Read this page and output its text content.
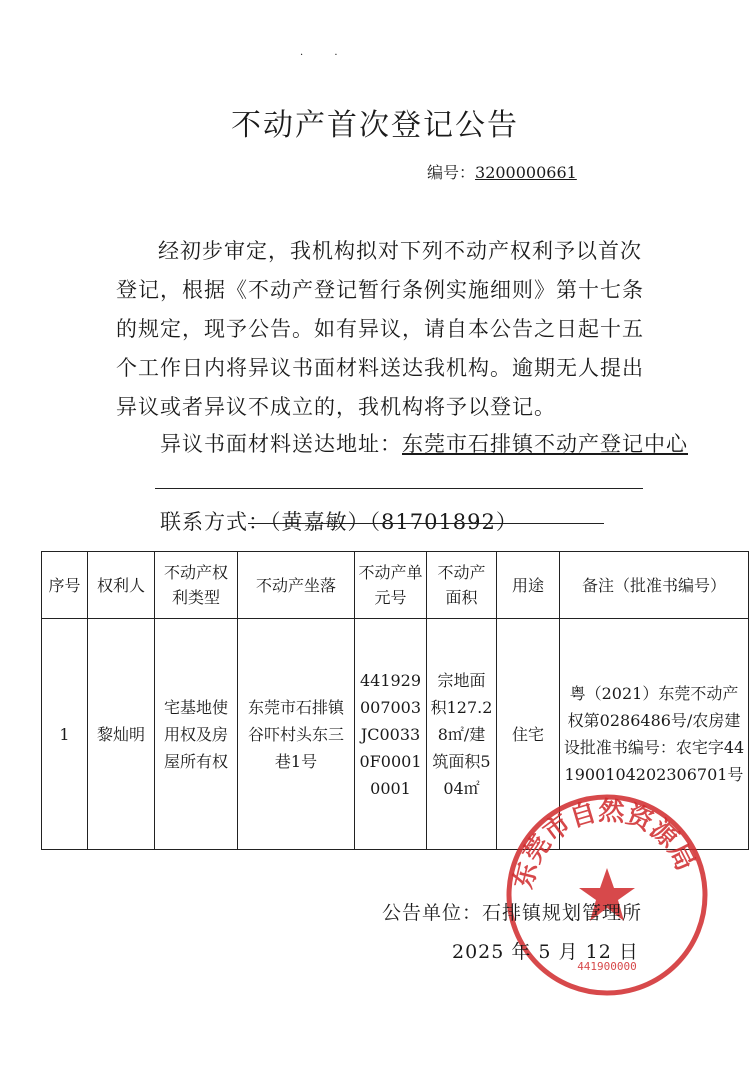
· ·
不动产首次登记公告
编号：3200000661
经初步审定，我机构拟对下列不动产权利予以首次登记，根据《不动产登记暂行条例实施细则》第十七条的规定，现予公告。如有异议，请自本公告之日起十五个工作日内将异议书面材料送达我机构。逾期无人提出异议或者异议不成立的，我机构将予以登记。
异议书面材料送达地址：东莞市石排镇不动产登记中心
联系方式：（黄嘉敏）（81701892）
序号	权利人	不动产权利类型	不动产坐落	不动产单元号	不动产面积	用途	备注（批准书编号）
1	黎灿明	宅基地使用权及房屋所有权	东莞市石排镇谷吓村头东三巷1号	441929007003JC00330F00010001	宗地面积127.28㎡/建筑面积504㎡	住宅	粤（2021）东莞不动产权第0286486号/农房建设批准书编号：农宅字441900104202306701号
东莞市自然资源局
441900000
公告单位：石排镇规划管理所
2025 年 5 月 12 日
